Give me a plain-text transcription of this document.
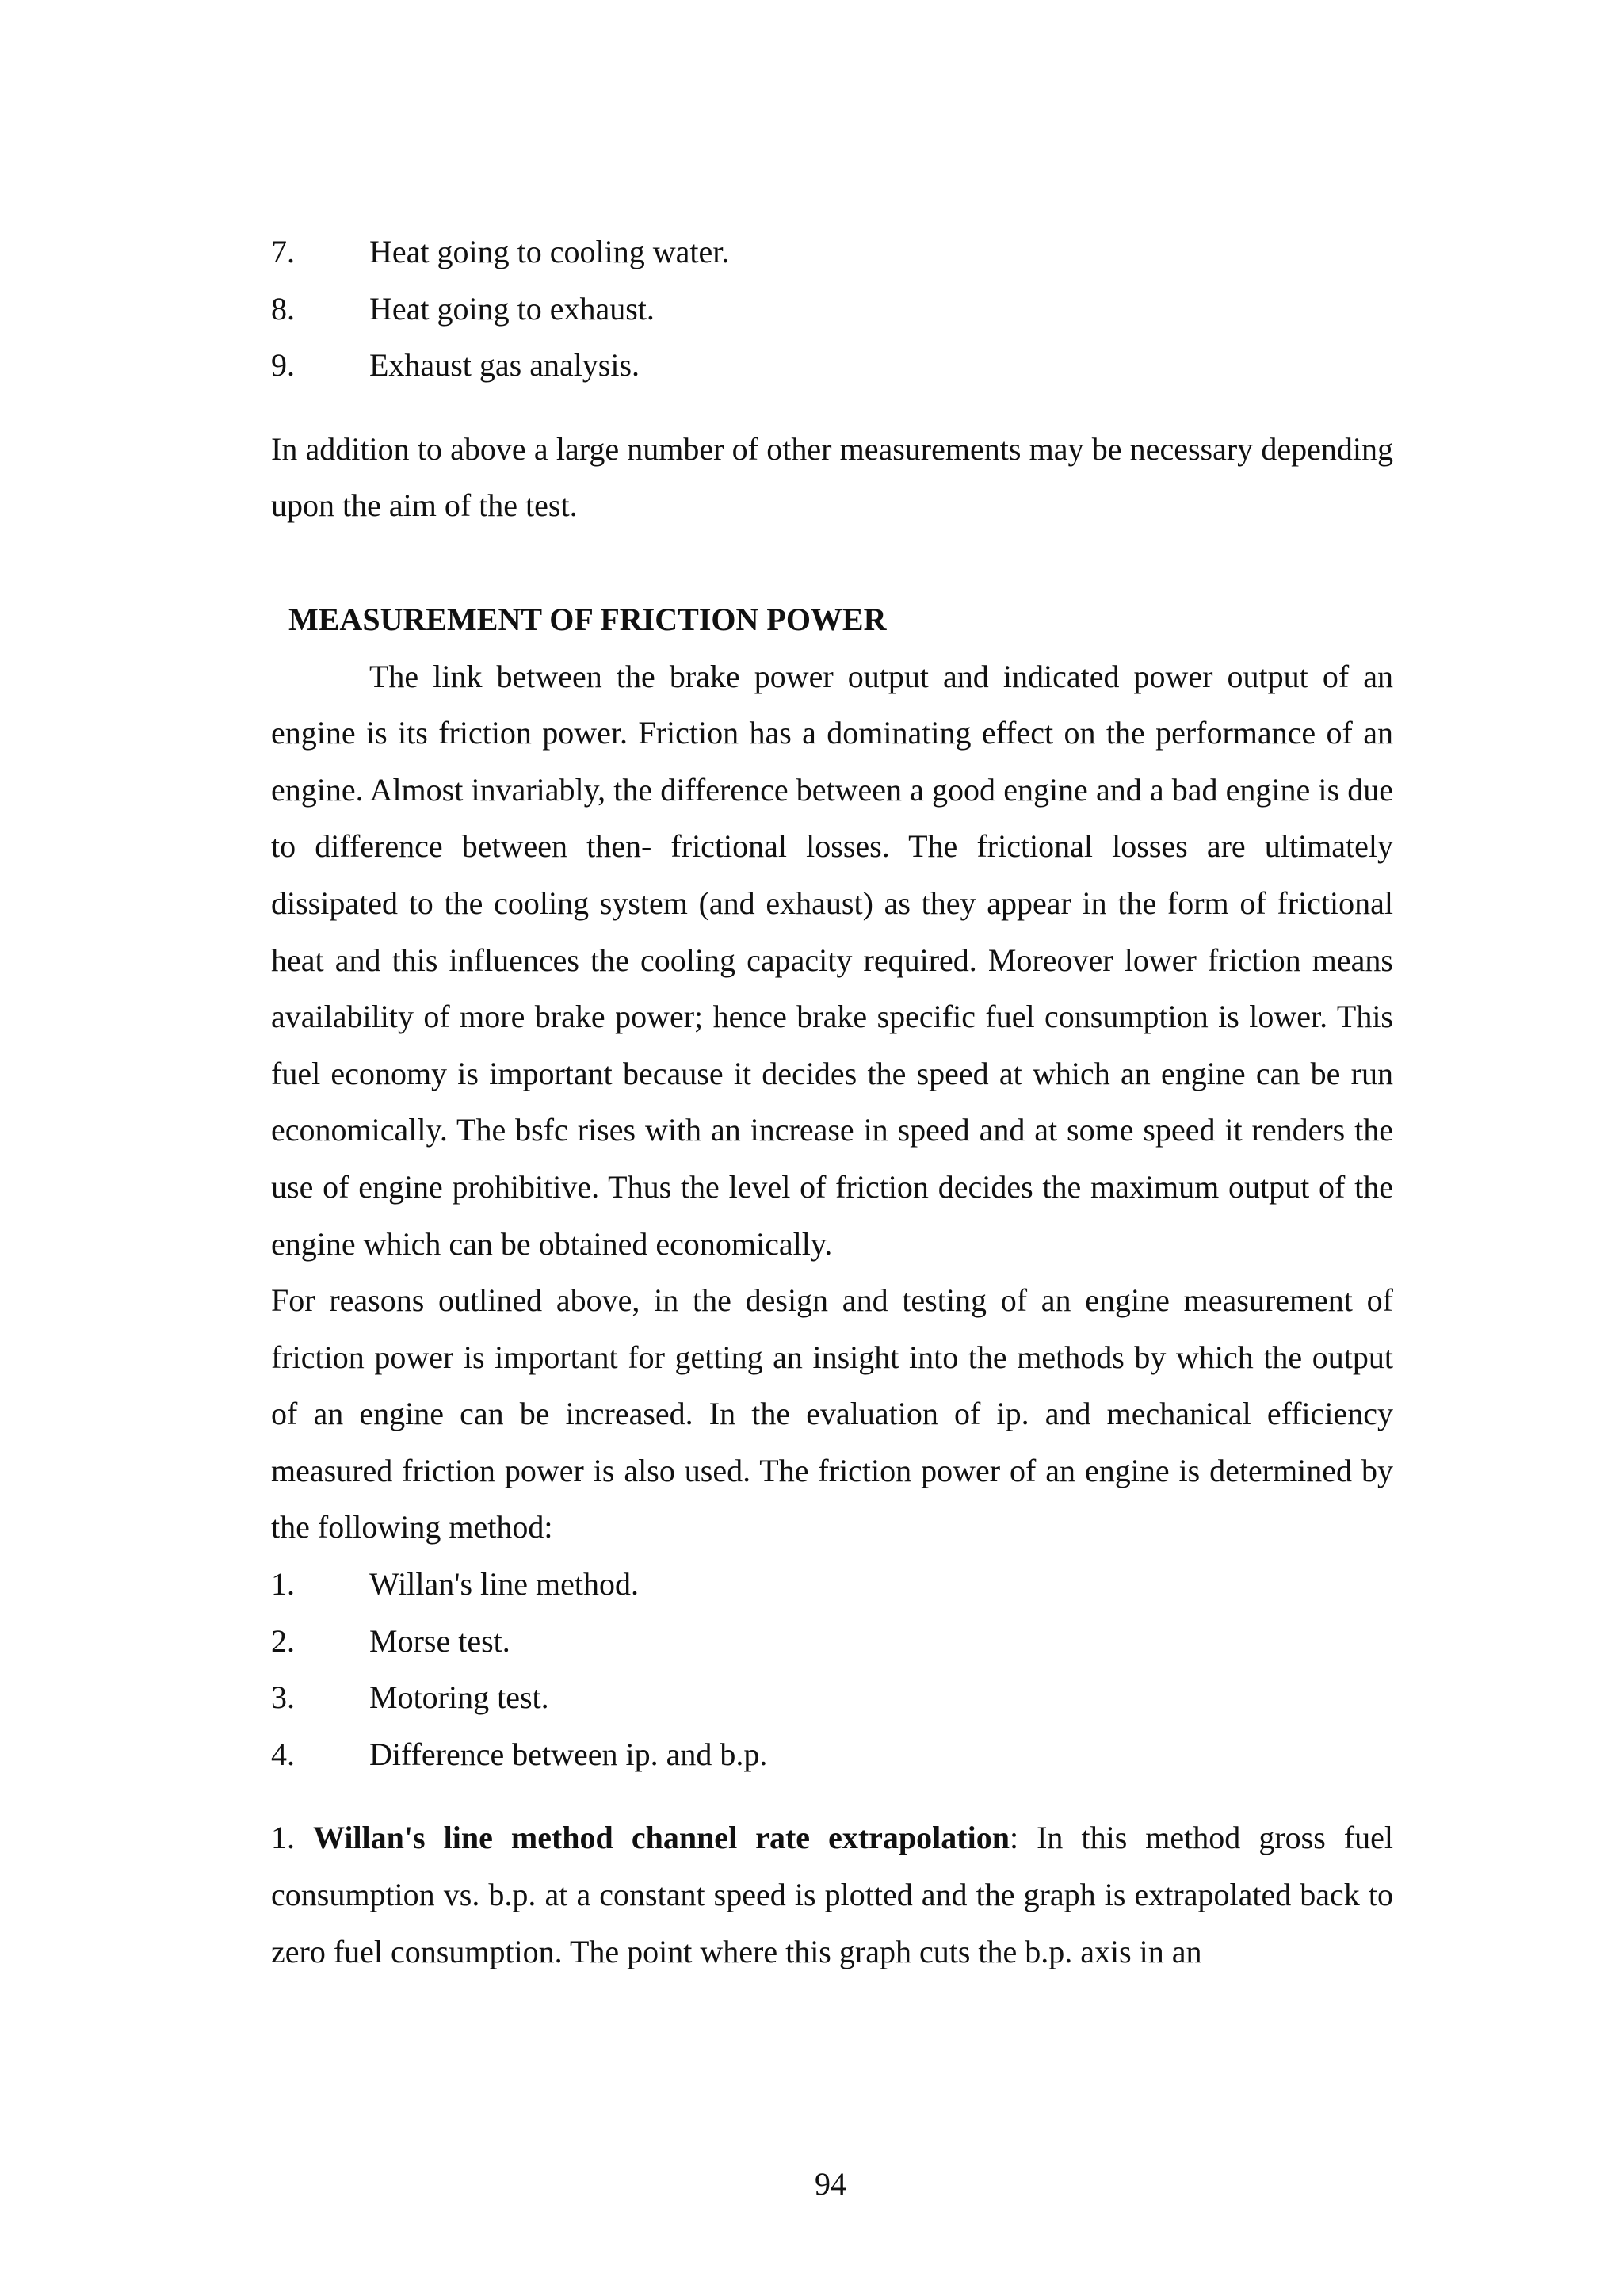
7.	Heat going to cooling water.
8.	Heat going to exhaust.
9.	Exhaust gas analysis.

In addition to above a large number of other measurements may be necessary depending upon the aim of the test.

MEASUREMENT OF FRICTION POWER

The link between the brake power output and indicated power output of an engine is its friction power. Friction has a dominating effect on the performance of an engine. Almost invariably, the difference between a good engine and a bad engine is due to difference between then- frictional losses. The frictional losses are ultimately dissipated to the cooling system (and exhaust) as they appear in the form of frictional heat and this influences the cooling capacity required. Moreover lower friction means availability of more brake power; hence brake specific fuel consumption is lower. This fuel economy is important because it decides the speed at which an engine can be run economically. The bsfc rises with an increase in speed and at some speed it renders the use of engine prohibitive. Thus the level of friction decides the maximum output of the engine which can be obtained economically.

For reasons outlined above, in the design and testing of an engine measurement of friction power is important for getting an insight into the methods by which the output of an engine can be increased. In the evaluation of ip. and mechanical efficiency measured friction power is also used. The friction power of an engine is determined by the following method:

1.	Willan's line method.
2.	Morse test.
3.	Motoring test.
4.	Difference between ip. and b.p.

1. Willan's line method channel rate extrapolation: In this method gross fuel consumption vs. b.p. at a constant speed is plotted and the graph is extrapolated back to zero fuel consumption. The point where this graph cuts the b.p. axis in an

94
